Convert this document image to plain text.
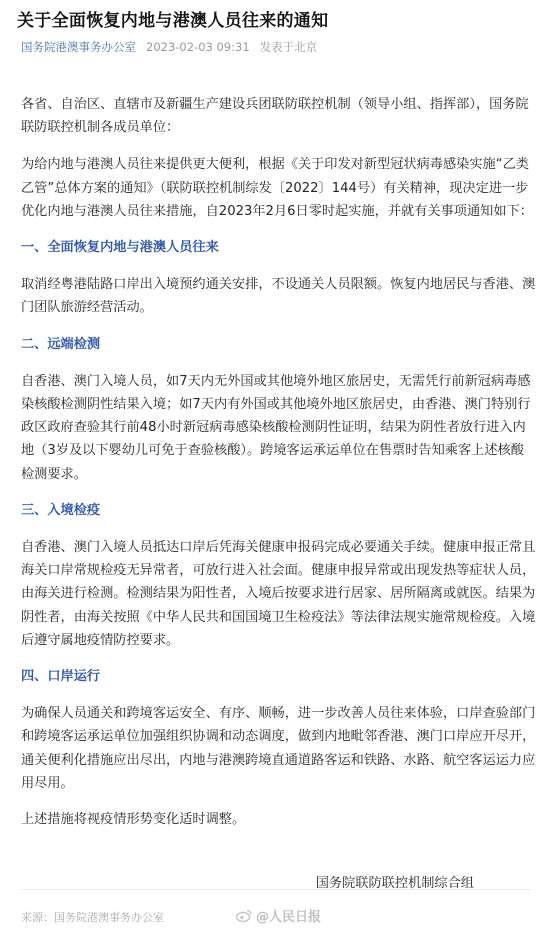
关于全面恢复内地与港澳人员往来的通知
国务院港澳事务办公室 2023-02-03 09:31 发表于北京

各省、自治区、直辖市及新疆生产建设兵团联防联控机制（领导小组、指挥部），国务院联防联控机制各成员单位：

为给内地与港澳人员往来提供更大便利，根据《关于印发对新型冠状病毒感染实施“乙类乙管”总体方案的通知》（联防联控机制综发〔2022〕144号）有关精神，现决定进一步优化内地与港澳人员往来措施，自2023年2月6日零时起实施，并就有关事项通知如下：

一、全面恢复内地与港澳人员往来

取消经粤港陆路口岸出入境预约通关安排，不设通关人员限额。恢复内地居民与香港、澳门团队旅游经营活动。

二、远端检测

自香港、澳门入境人员，如7天内无外国或其他境外地区旅居史，无需凭行前新冠病毒感染核酸检测阴性结果入境；如7天内有外国或其他境外地区旅居史，由香港、澳门特别行政区政府查验其行前48小时新冠病毒感染核酸检测阴性证明，结果为阴性者放行进入内地（3岁及以下婴幼儿可免于查验核酸）。跨境客运承运单位在售票时告知乘客上述核酸检测要求。

三、入境检疫

自香港、澳门入境人员抵达口岸后凭海关健康申报码完成必要通关手续。健康申报正常且海关口岸常规检疫无异常者，可放行进入社会面。健康申报异常或出现发热等症状人员，由海关进行检测。检测结果为阳性者，入境后按要求进行居家、居所隔离或就医。结果为阴性者，由海关按照《中华人民共和国国境卫生检疫法》等法律法规实施常规检疫。入境后遵守属地疫情防控要求。

四、口岸运行

为确保人员通关和跨境客运安全、有序、顺畅，进一步改善人员往来体验，口岸查验部门和跨境客运承运单位加强组织协调和动态调度，做到内地毗邻香港、澳门口岸应开尽开，通关便利化措施应出尽出，内地与港澳跨境直通道路客运和铁路、水路、航空客运运力应用尽用。

上述措施将视疫情形势变化适时调整。

国务院联防联控机制综合组

来源：国务院港澳事务办公室	@人民日报
